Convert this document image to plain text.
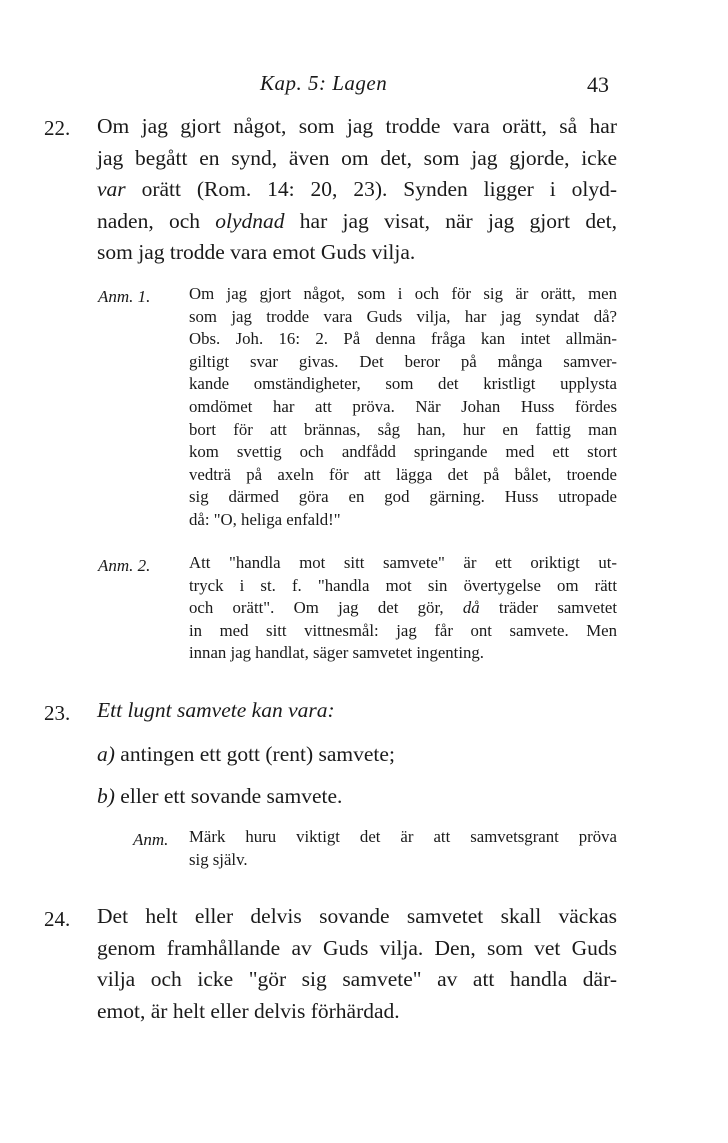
Kap. 5: Lagen	43
22. Om jag gjort något, som jag trodde vara orätt, så har
jag begått en synd, även om det, som jag gjorde, icke
var orätt (Rom. 14: 20, 23). Synden ligger i olyd-
naden, och olydnad har jag visat, när jag gjort det,
som jag trodde vara emot Guds vilja.
Anm. 1. Om jag gjort något, som i och för sig är orätt, men
som jag trodde vara Guds vilja, har jag syndat då?
Obs. Joh. 16: 2. På denna fråga kan intet allmän-
giltigt svar givas. Det beror på många samver-
kande omständigheter, som det kristligt upplysta
omdömet har att pröva. När Johan Huss fördes
bort för att brännas, såg han, hur en fattig man
kom svettig och andfådd springande med ett stort
vedträ på axeln för att lägga det på bålet, troende
sig därmed göra en god gärning. Huss utropade
då: "O, heliga enfald!"
Anm. 2. Att "handla mot sitt samvete" är ett oriktigt ut-
tryck i st. f. "handla mot sin övertygelse om rätt
och orätt". Om jag det gör, då träder samvetet
in med sitt vittnesmål: jag får ont samvete. Men
innan jag handlat, säger samvetet ingenting.
23. Ett lugnt samvete kan vara:
a) antingen ett gott (rent) samvete;
b) eller ett sovande samvete.
Anm. Märk huru viktigt det är att samvetsgrant pröva
sig själv.
24. Det helt eller delvis sovande samvetet skall väckas
genom framhållande av Guds vilja. Den, som vet Guds
vilja och icke "gör sig samvete" av att handla där-
emot, är helt eller delvis förhärdad.
